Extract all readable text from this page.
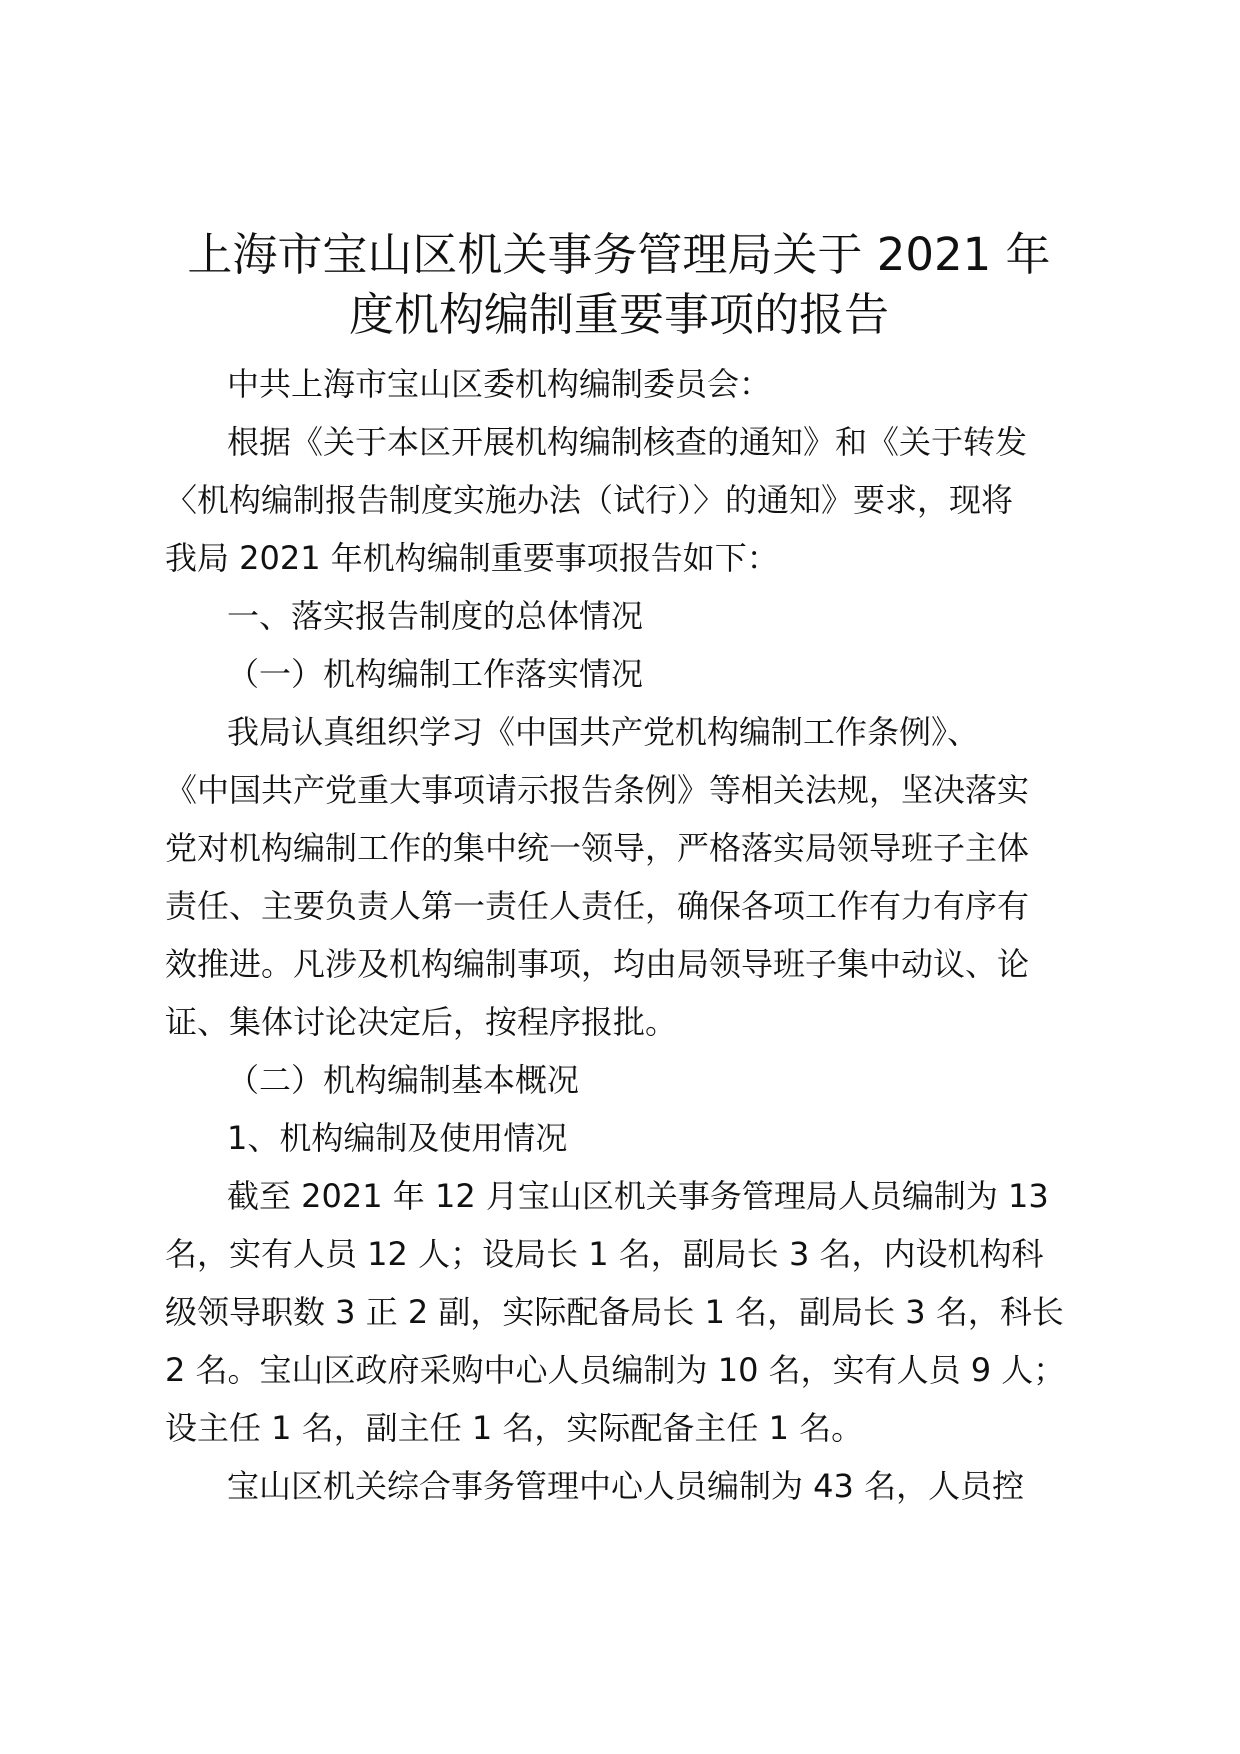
上海市宝山区机关事务管理局关于 2021 年
度机构编制重要事项的报告
中共上海市宝山区委机构编制委员会：
根据《关于本区开展机构编制核查的通知》和《关于转发
〈机构编制报告制度实施办法（试行）〉的通知》要求，现将
我局 2021 年机构编制重要事项报告如下：
一、落实报告制度的总体情况
（一）机构编制工作落实情况
我局认真组织学习《中国共产党机构编制工作条例》、
《中国共产党重大事项请示报告条例》等相关法规，坚决落实
党对机构编制工作的集中统一领导，严格落实局领导班子主体
责任、主要负责人第一责任人责任，确保各项工作有力有序有
效推进。凡涉及机构编制事项，均由局领导班子集中动议、论
证、集体讨论决定后，按程序报批。
（二）机构编制基本概况
1、机构编制及使用情况
截至 2021 年 12 月宝山区机关事务管理局人员编制为 13
名，实有人员 12 人；设局长 1 名，副局长 3 名，内设机构科
级领导职数 3 正 2 副，实际配备局长 1 名，副局长 3 名，科长
2 名。宝山区政府采购中心人员编制为 10 名，实有人员 9 人；
设主任 1 名，副主任 1 名，实际配备主任 1 名。
宝山区机关综合事务管理中心人员编制为 43 名，人员控
